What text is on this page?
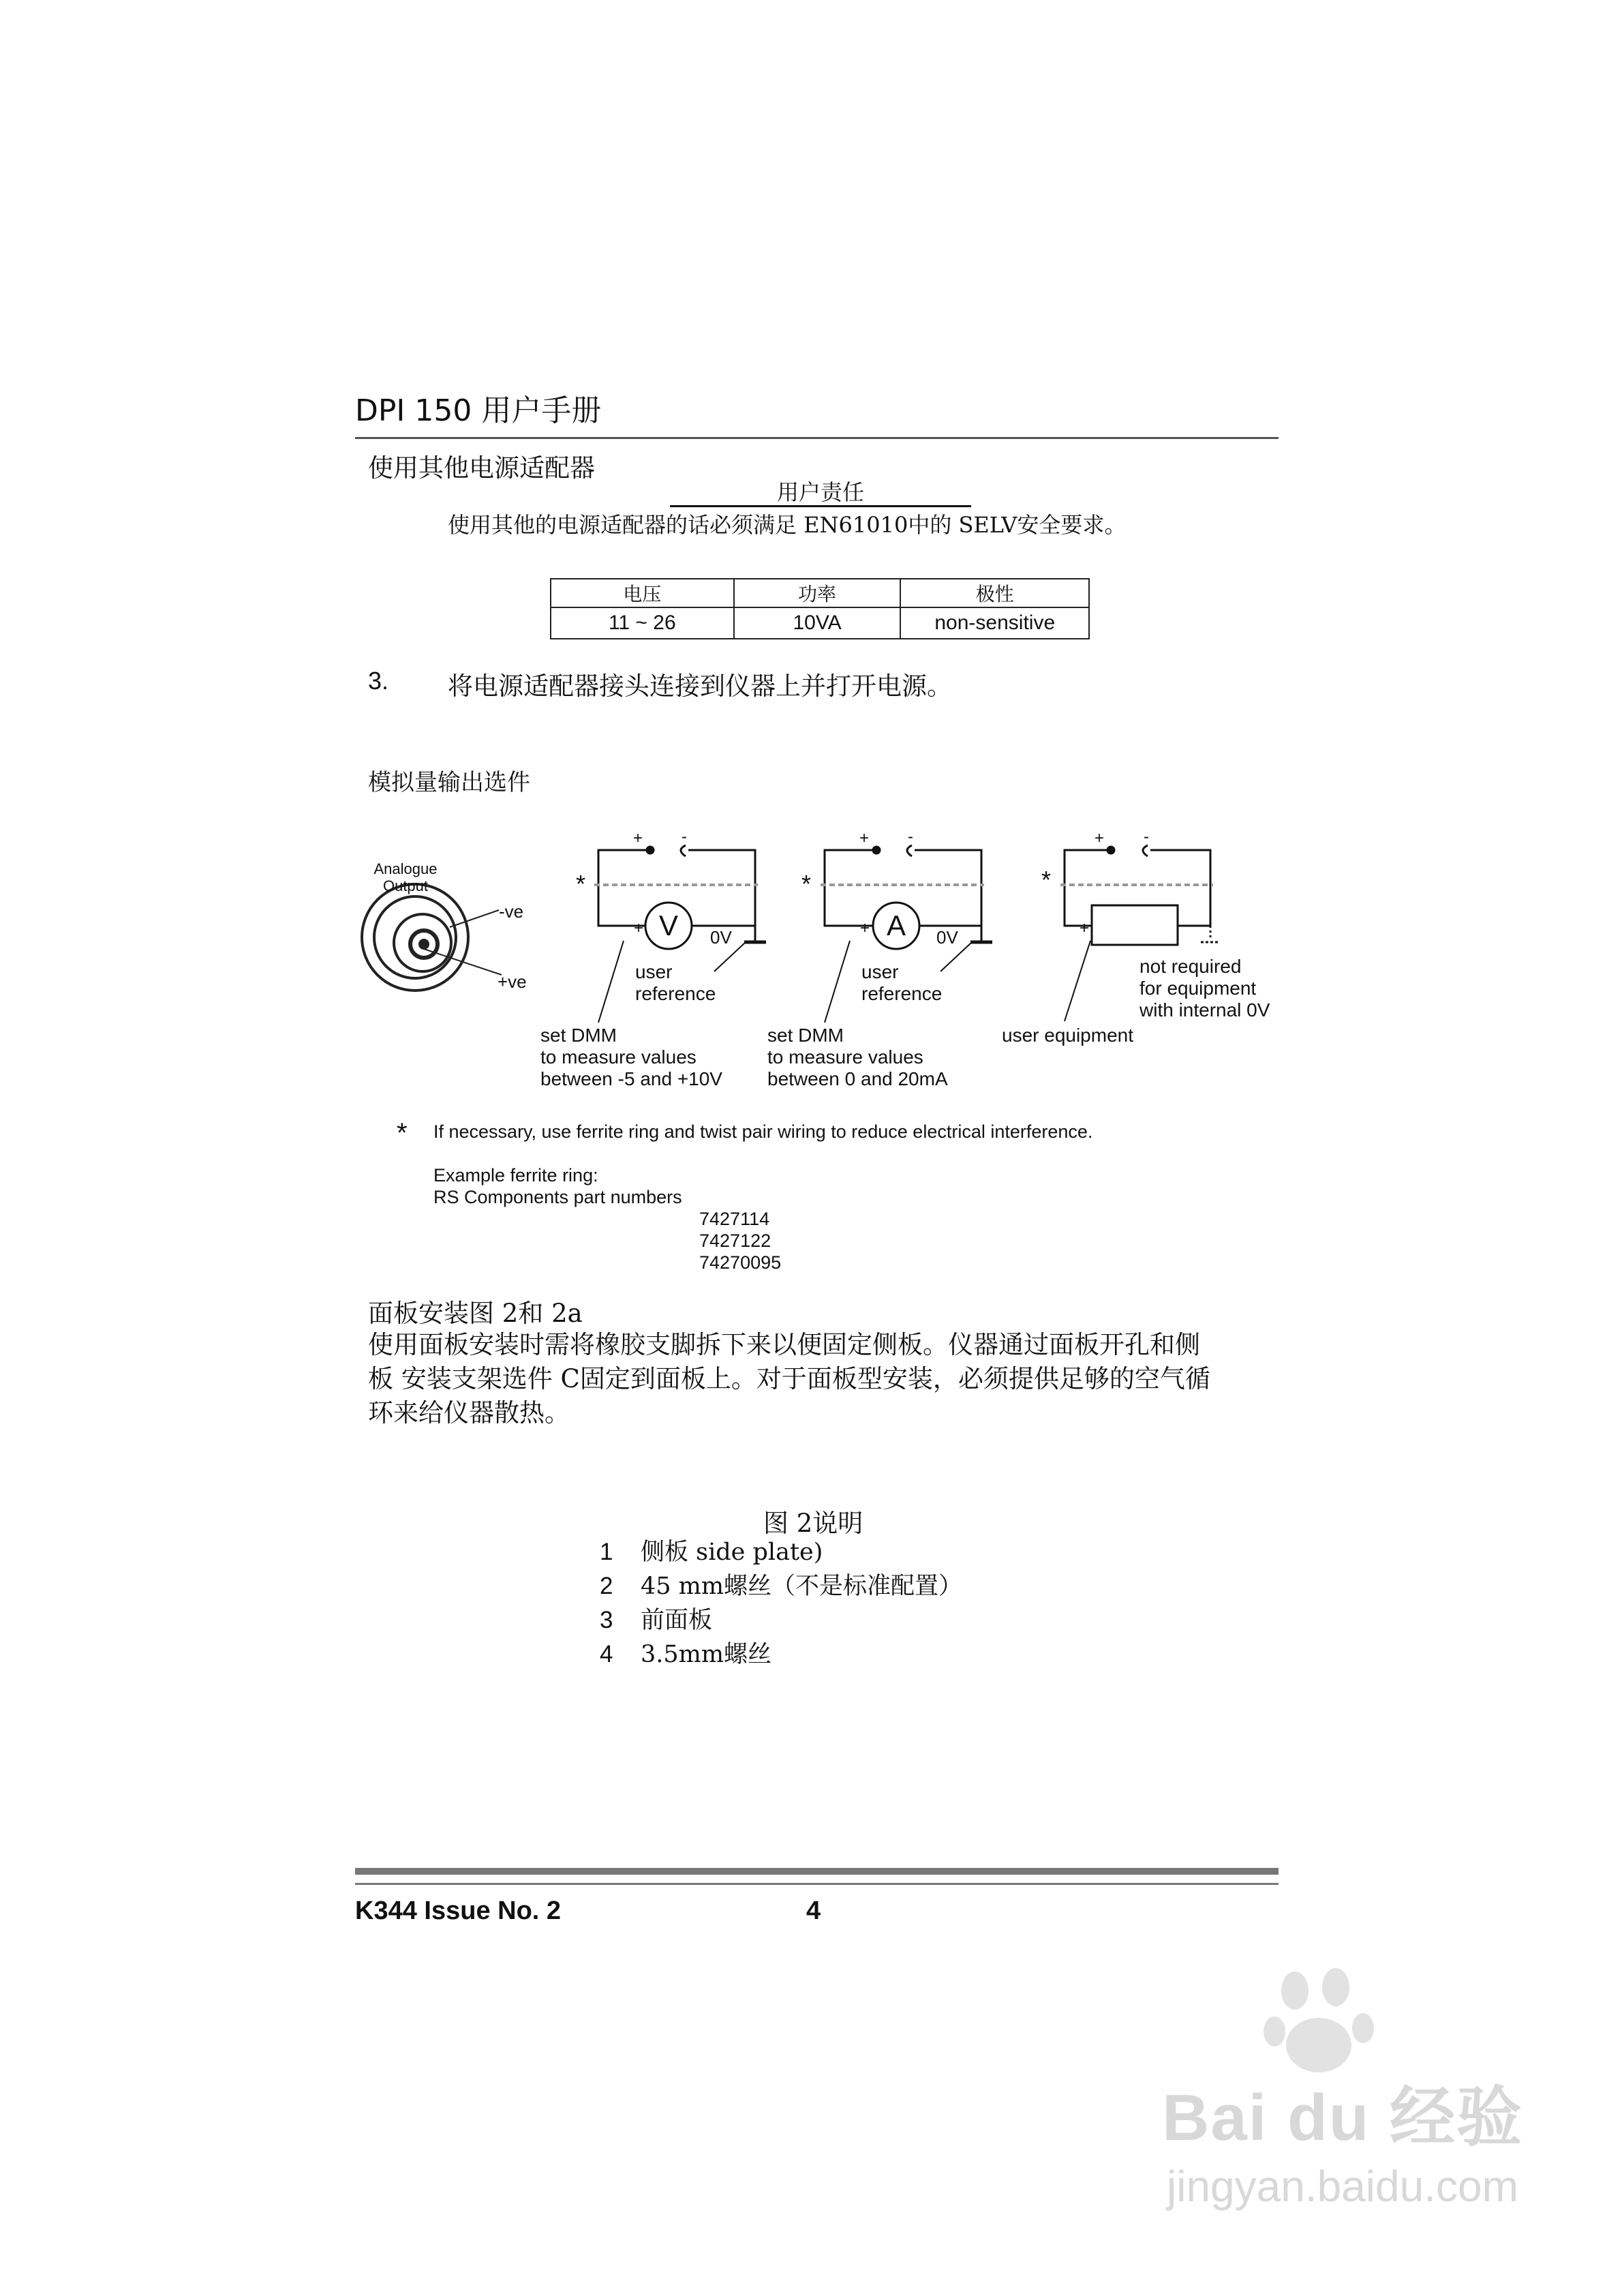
DPI 150 用户手册
使用其他电源适配器
用户责任
使用其他的电源适配器的话必须满足 EN61010中的 SELV安全要求。
电压	功率	极性
11 ~ 26	10VA	non-sensitive
3. 将电源适配器接头连接到仪器上并打开电源。
模拟量输出选件
Analogue
Output
-ve
+ve
+ -
*
+ V 0V
user
reference
set DMM
to measure values
between -5 and +10V
+ -
*
+ A 0V
user
reference
set DMM
to measure values
between 0 and 20mA
+ -
*
+
not required
for equipment
with internal 0V
user equipment
* If necessary, use ferrite ring and twist pair wiring to reduce electrical interference.
Example ferrite ring:
RS Components part numbers
7427114
7427122
74270095
面板安装图 2和 2a
使用面板安装时需将橡胶支脚拆下来以便固定侧板。仪器通过面板开孔和侧
板 安装支架选件 C固定到面板上。对于面板型安装，必须提供足够的空气循
环来给仪器散热。
图 2说明
1 侧板 side plate)
2 45 mm螺丝（不是标准配置）
3 前面板
4 3.5mm螺丝
K344 Issue No. 2	4
Bai du 经验
jingyan.baidu.com
